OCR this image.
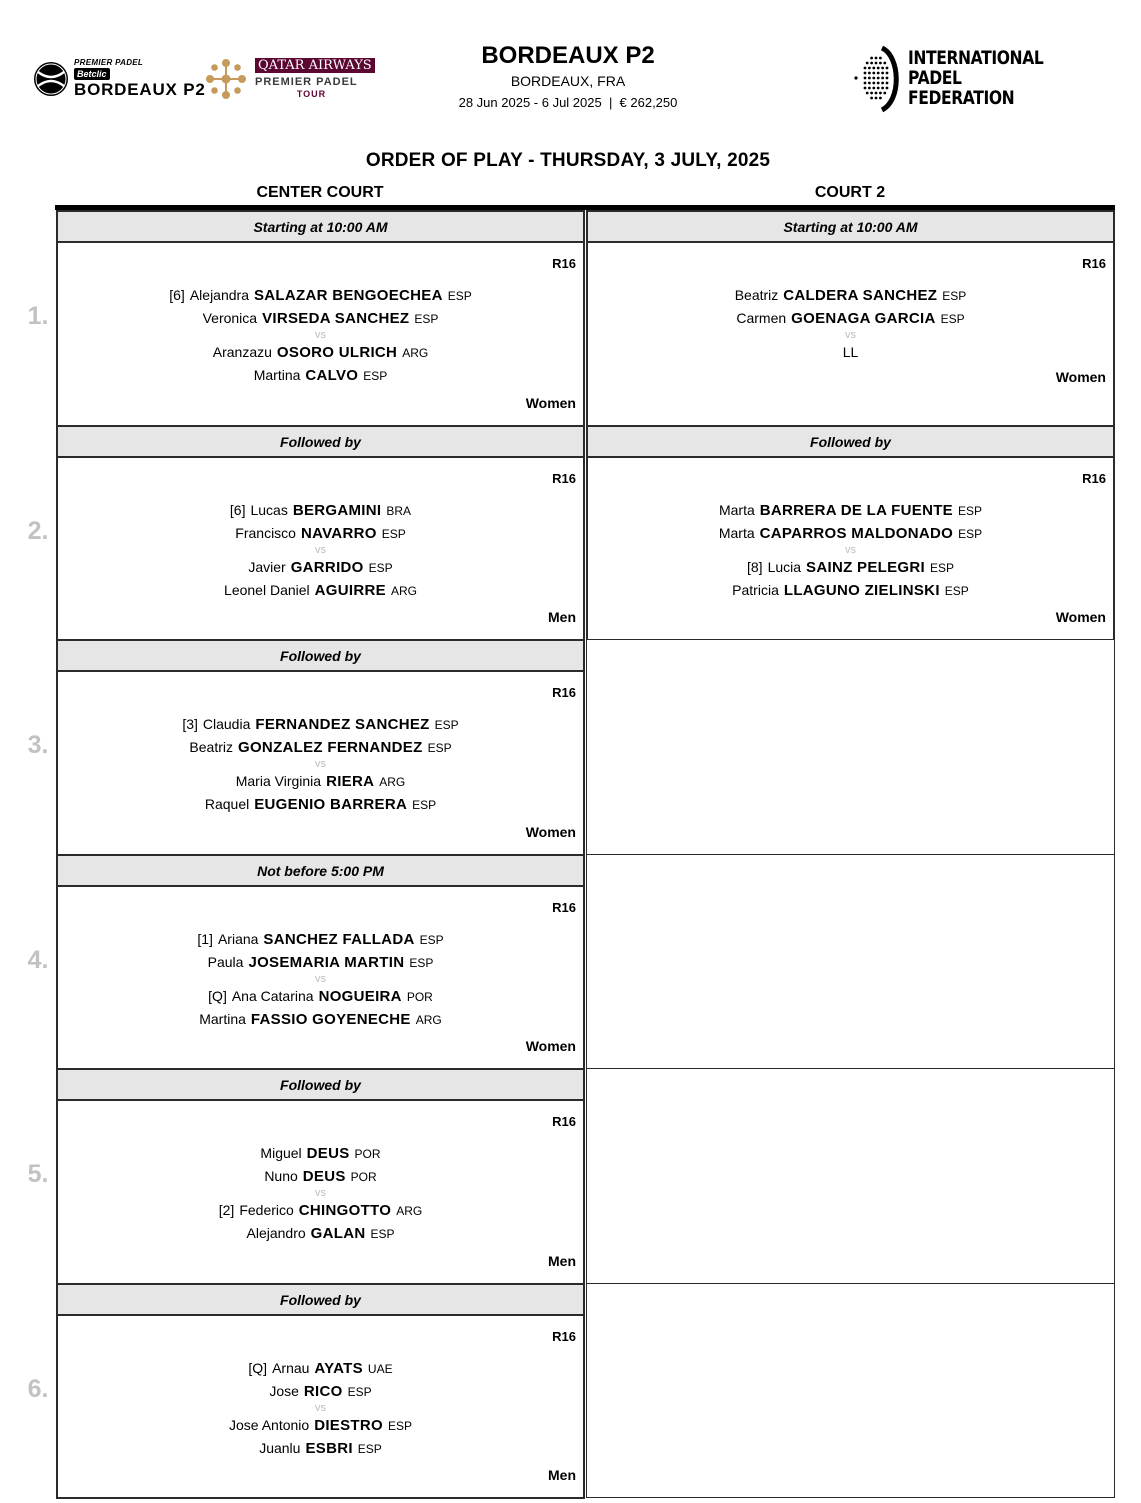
PREMIER PADEL
Betclic
BORDEAUX P2
QATAR AIRWAYS
PREMIER PADEL
TOUR
BORDEAUX P2
BORDEAUX, FRA
28 Jun 2025 - 6 Jul 2025  |  € 262,250
INTERNATIONAL
PADEL
FEDERATION
ORDER OF PLAY - THURSDAY, 3 JULY, 2025
CENTER COURT	COURT 2
1.
2.
3.
4.
5.
6.
Starting at 10:00 AM
R16
[6] Alejandra SALAZAR BENGOECHEA ESP
Veronica VIRSEDA SANCHEZ ESP
vs
Aranzazu OSORO ULRICH ARG
Martina CALVO ESP
Women
Followed by
R16
[6] Lucas BERGAMINI BRA
Francisco NAVARRO ESP
vs
Javier GARRIDO ESP
Leonel Daniel AGUIRRE ARG
Men
Followed by
R16
[3] Claudia FERNANDEZ SANCHEZ ESP
Beatriz GONZALEZ FERNANDEZ ESP
vs
Maria Virginia RIERA ARG
Raquel EUGENIO BARRERA ESP
Women
Not before 5:00 PM
R16
[1] Ariana SANCHEZ FALLADA ESP
Paula JOSEMARIA MARTIN ESP
vs
[Q] Ana Catarina NOGUEIRA POR
Martina FASSIO GOYENECHE ARG
Women
Followed by
R16
Miguel DEUS POR
Nuno DEUS POR
vs
[2] Federico CHINGOTTO ARG
Alejandro GALAN ESP
Men
Followed by
R16
[Q] Arnau AYATS UAE
Jose RICO ESP
vs
Jose Antonio DIESTRO ESP
Juanlu ESBRI ESP
Men
Starting at 10:00 AM
R16
Beatriz CALDERA SANCHEZ ESP
Carmen GOENAGA GARCIA ESP
vs
LL
Women
Followed by
R16
Marta BARRERA DE LA FUENTE ESP
Marta CAPARROS MALDONADO ESP
vs
[8] Lucia SAINZ PELEGRI ESP
Patricia LLAGUNO ZIELINSKI ESP
Women
